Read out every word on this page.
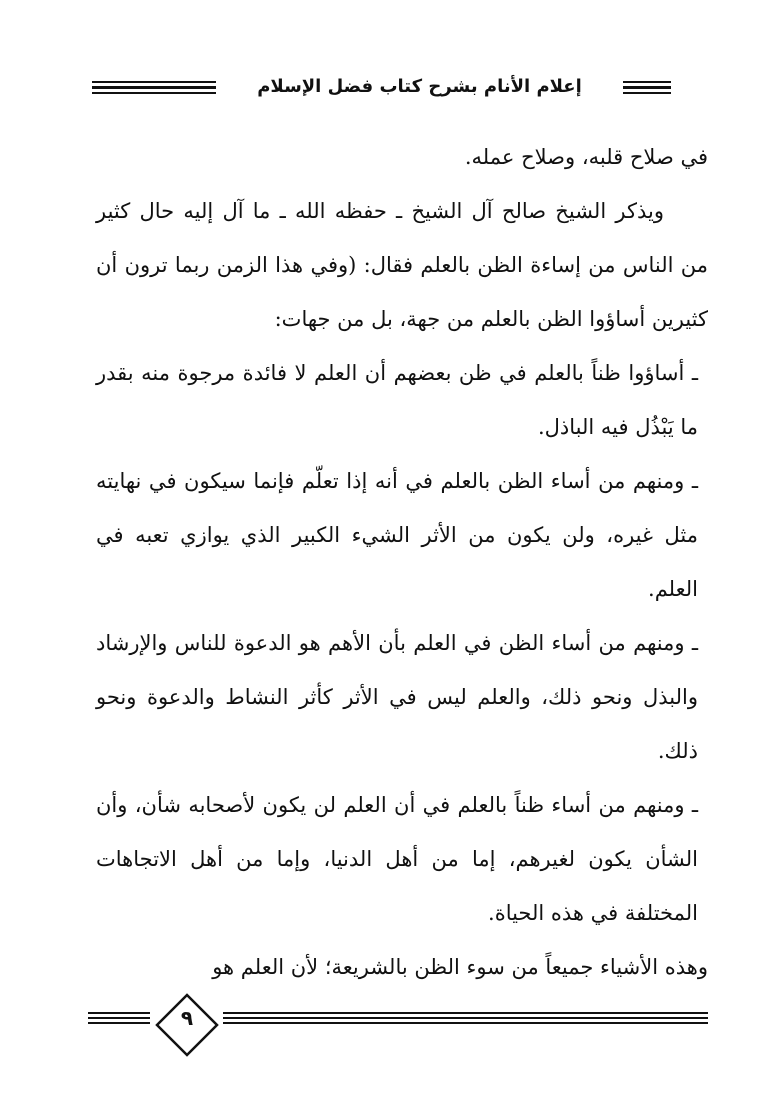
إعلام الأنام بشرح كتاب فضل الإسلام

في صلاح قلبه، وصلاح عمله.

ويذكر الشيخ صالح آل الشيخ ـ حفظه الله ـ ما آل إليه حال كثير من الناس من إساءة الظن بالعلم فقال: (وفي هذا الزمن ربما ترون أن كثيرين أساؤوا الظن بالعلم من جهة، بل من جهات:

ـ أساؤوا ظناً بالعلم في ظن بعضهم أن العلم لا فائدة مرجوة منه بقدر ما يَبْذُل فيه الباذل.

ـ ومنهم من أساء الظن بالعلم في أنه إذا تعلّم فإنما سيكون في نهايته مثل غيره، ولن يكون من الأثر الشيء الكبير الذي يوازي تعبه في العلم.

ـ ومنهم من أساء الظن في العلم بأن الأهم هو الدعوة للناس والإرشاد والبذل ونحو ذلك، والعلم ليس في الأثر كأثر النشاط والدعوة ونحو ذلك.

ـ ومنهم من أساء ظناً بالعلم في أن العلم لن يكون لأصحابه شأن، وأن الشأن يكون لغيرهم، إما من أهل الدنيا، وإما من أهل الاتجاهات المختلفة في هذه الحياة.

وهذه الأشياء جميعاً من سوء الظن بالشريعة؛ لأن العلم هو

٩
